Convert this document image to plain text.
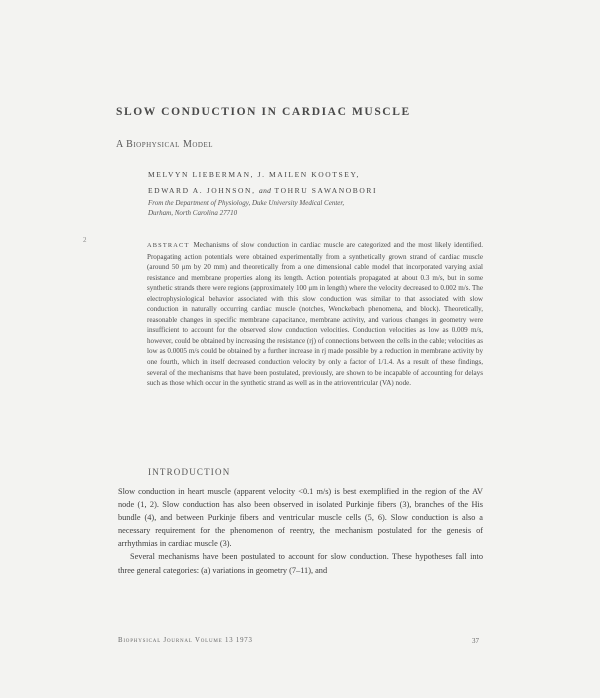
SLOW CONDUCTION IN CARDIAC MUSCLE
A Biophysical Model
MELVYN LIEBERMAN, J. MAILEN KOOTSEY,
EDWARD A. JOHNSON, and TOHRU SAWANOBORI
From the Department of Physiology, Duke University Medical Center,
Durham, North Carolina 27710
2
ABSTRACT Mechanisms of slow conduction in cardiac muscle are categorized and the most likely identified. Propagating action potentials were obtained experimentally from a synthetically grown strand of cardiac muscle (around 50 μm by 20 mm) and theoretically from a one dimensional cable model that incorporated varying axial resistance and membrane properties along its length. Action potentials propagated at about 0.3 m/s, but in some synthetic strands there were regions (approximately 100 μm in length) where the velocity decreased to 0.002 m/s. The electrophysiological behavior associated with this slow conduction was similar to that associated with slow conduction in naturally occurring cardiac muscle (notches, Wenckebach phenomena, and block). Theoretically, reasonable changes in specific membrane capacitance, membrane activity, and various changes in geometry were insufficient to account for the observed slow conduction velocities. Conduction velocities as low as 0.009 m/s, however, could be obtained by increasing the resistance (rj) of connections between the cells in the cable; velocities as low as 0.0005 m/s could be obtained by a further increase in rj made possible by a reduction in membrane activity by one fourth, which in itself decreased conduction velocity by only a factor of 1/1.4. As a result of these findings, several of the mechanisms that have been postulated, previously, are shown to be incapable of accounting for delays such as those which occur in the synthetic strand as well as in the atrioventricular (VA) node.
INTRODUCTION

Slow conduction in heart muscle (apparent velocity <0.1 m/s) is best exemplified in the region of the AV node (1, 2). Slow conduction has also been observed in isolated Purkinje fibers (3), branches of the His bundle (4), and between Purkinje fibers and ventricular muscle cells (5, 6). Slow conduction is also a necessary requirement for the phenomenon of reentry, the mechanism postulated for the genesis of arrhythmias in cardiac muscle (3).

Several mechanisms have been postulated to account for slow conduction. These hypotheses fall into three general categories: (a) variations in geometry (7–11), and

Biophysical Journal Volume 13 1973	37
